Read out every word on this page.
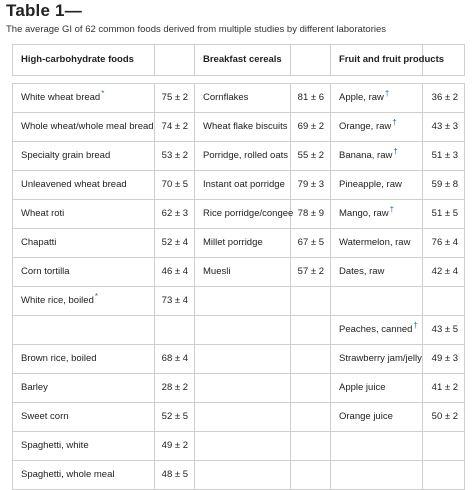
Table 1—
The average GI of 62 common foods derived from multiple studies by different laboratories
High-carbohydrate foods		Breakfast cereals		Fruit and fruit products	

White wheat bread*	75 ± 2	Cornflakes	81 ± 6	Apple, raw†	36 ± 2
Whole wheat/whole meal bread	74 ± 2	Wheat flake biscuits	69 ± 2	Orange, raw†	43 ± 3
Specialty grain bread	53 ± 2	Porridge, rolled oats	55 ± 2	Banana, raw†	51 ± 3
Unleavened wheat bread	70 ± 5	Instant oat porridge	79 ± 3	Pineapple, raw	59 ± 8
Wheat roti	62 ± 3	Rice porridge/congee	78 ± 9	Mango, raw†	51 ± 5
Chapatti	52 ± 4	Millet porridge	67 ± 5	Watermelon, raw	76 ± 4
Corn tortilla	46 ± 4	Muesli	57 ± 2	Dates, raw	42 ± 4
White rice, boiled*	73 ± 4				
				Peaches, canned†	43 ± 5
Brown rice, boiled	68 ± 4			Strawberry jam/jelly	49 ± 3
Barley	28 ± 2			Apple juice	41 ± 2
Sweet corn	52 ± 5			Orange juice	50 ± 2
Spaghetti, white	49 ± 2				
Spaghetti, whole meal	48 ± 5				
